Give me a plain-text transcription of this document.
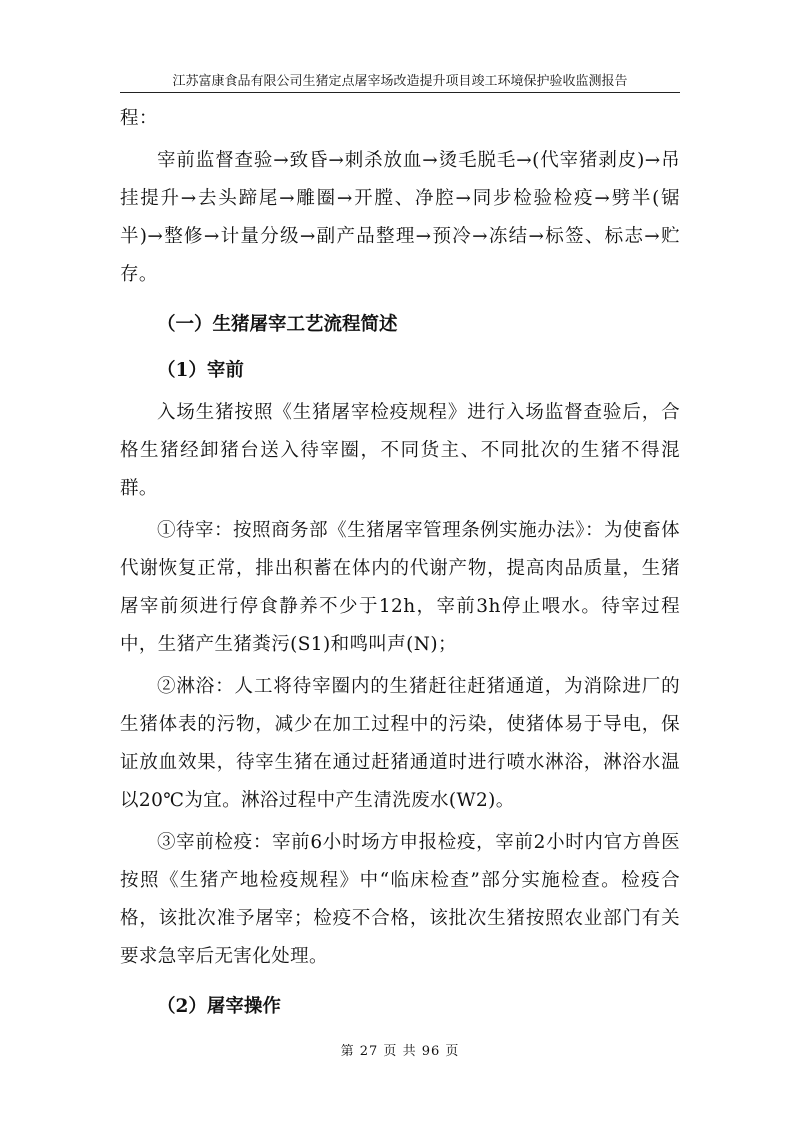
江苏富康食品有限公司生猪定点屠宰场改造提升项目竣工环境保护验收监测报告

程：

宰前监督查验→致昏→刺杀放血→烫毛脱毛→(代宰猪剥皮)→吊挂提升→去头蹄尾→雕圈→开膛、净腔→同步检验检疫→劈半(锯半)→整修→计量分级→副产品整理→预冷→冻结→标签、标志→贮存。

（一）生猪屠宰工艺流程简述

（1）宰前

入场生猪按照《生猪屠宰检疫规程》进行入场监督查验后，合格生猪经卸猪台送入待宰圈，不同货主、不同批次的生猪不得混群。

①待宰：按照商务部《生猪屠宰管理条例实施办法》：为使畜体代谢恢复正常，排出积蓄在体内的代谢产物，提高肉品质量，生猪屠宰前须进行停食静养不少于12h，宰前3h停止喂水。待宰过程中，生猪产生猪粪污(S1)和鸣叫声(N)；

②淋浴：人工将待宰圈内的生猪赶往赶猪通道，为消除进厂的生猪体表的污物，减少在加工过程中的污染，使猪体易于导电，保证放血效果，待宰生猪在通过赶猪通道时进行喷水淋浴，淋浴水温以20℃为宜。淋浴过程中产生清洗废水(W2)。

③宰前检疫：宰前6小时场方申报检疫，宰前2小时内官方兽医按照《生猪产地检疫规程》中“临床检查”部分实施检查。检疫合格，该批次准予屠宰；检疫不合格，该批次生猪按照农业部门有关要求急宰后无害化处理。

（2）屠宰操作

第 27 页 共 96 页
